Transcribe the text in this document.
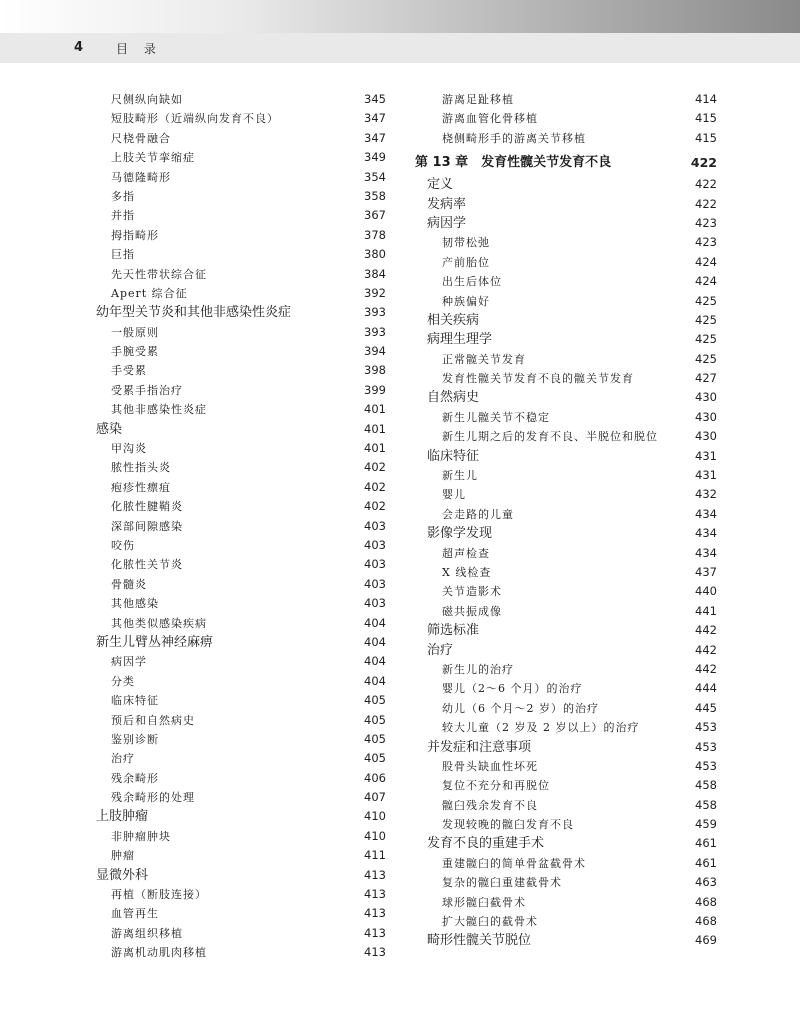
4	目 录
尺侧纵向缺如	345
短肢畸形（近端纵向发育不良）	347
尺桡骨融合	347
上肢关节挛缩症	349
马德隆畸形	354
多指	358
并指	367
拇指畸形	378
巨指	380
先天性带状综合征	384
Apert 综合征	392
幼年型关节炎和其他非感染性炎症	393
一般原则	393
手腕受累	394
手受累	398
受累手指治疗	399
其他非感染性炎症	401
感染	401
甲沟炎	401
脓性指头炎	402
疱疹性瘭疽	402
化脓性腱鞘炎	402
深部间隙感染	403
咬伤	403
化脓性关节炎	403
骨髓炎	403
其他感染	403
其他类似感染疾病	404
新生儿臂丛神经麻痹	404
病因学	404
分类	404
临床特征	405
预后和自然病史	405
鉴别诊断	405
治疗	405
残余畸形	406
残余畸形的处理	407
上肢肿瘤	410
非肿瘤肿块	410
肿瘤	411
显微外科	413
再植（断肢连接）	413
血管再生	413
游离组织移植	413
游离机动肌肉移植	413
游离足趾移植	414
游离血管化骨移植	415
桡侧畸形手的游离关节移植	415
第 13 章　发育性髋关节发育不良	422
定义	422
发病率	422
病因学	423
韧带松弛	423
产前胎位	424
出生后体位	424
种族偏好	425
相关疾病	425
病理生理学	425
正常髋关节发育	425
发育性髋关节发育不良的髋关节发育	427
自然病史	430
新生儿髋关节不稳定	430
新生儿期之后的发育不良、半脱位和脱位	430
临床特征	431
新生儿	431
婴儿	432
会走路的儿童	434
影像学发现	434
超声检查	434
X 线检查	437
关节造影术	440
磁共振成像	441
筛选标准	442
治疗	442
新生儿的治疗	442
婴儿（2～6 个月）的治疗	444
幼儿（6 个月～2 岁）的治疗	445
较大儿童（2 岁及 2 岁以上）的治疗	453
并发症和注意事项	453
股骨头缺血性坏死	453
复位不充分和再脱位	458
髋臼残余发育不良	458
发现较晚的髋臼发育不良	459
发育不良的重建手术	461
重建髋臼的简单骨盆截骨术	461
复杂的髋臼重建截骨术	463
球形髋臼截骨术	468
扩大髋臼的截骨术	468
畸形性髋关节脱位	469
